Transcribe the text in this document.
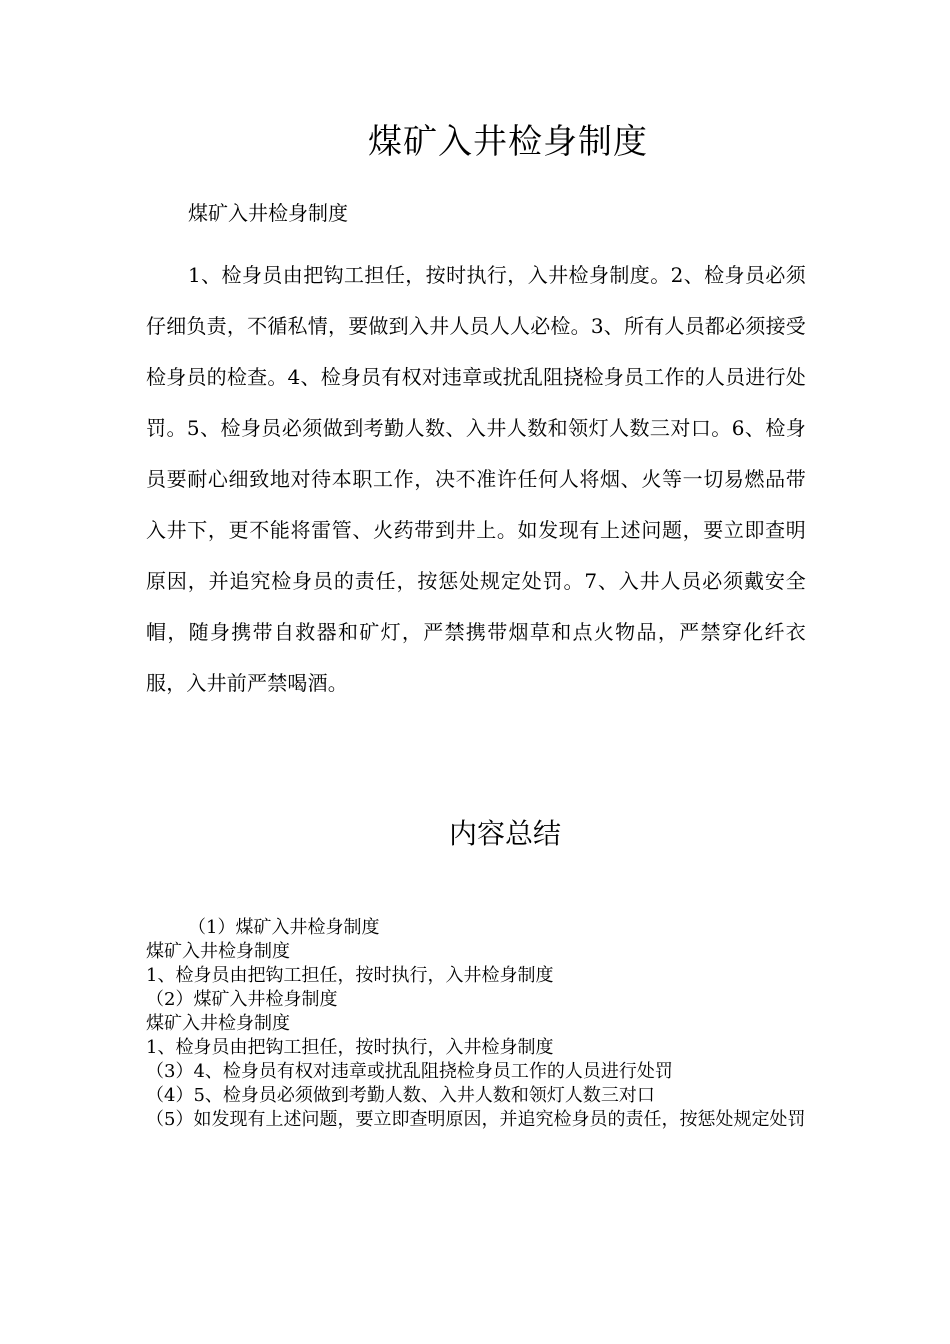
煤矿入井检身制度

煤矿入井检身制度

1、检身员由把钩工担任，按时执行，入井检身制度。2、检身员必须仔细负责，不循私情，要做到入井人员人人必检。3、所有人员都必须接受检身员的检查。4、检身员有权对违章或扰乱阻挠检身员工作的人员进行处罚。5、检身员必须做到考勤人数、入井人数和领灯人数三对口。6、检身员要耐心细致地对待本职工作，决不准许任何人将烟、火等一切易燃品带入井下，更不能将雷管、火药带到井上。如发现有上述问题，要立即查明原因，并追究检身员的责任，按惩处规定处罚。7、入井人员必须戴安全帽，随身携带自救器和矿灯，严禁携带烟草和点火物品，严禁穿化纤衣服，入井前严禁喝酒。

内容总结
（1）煤矿入井检身制度
煤矿入井检身制度
1、检身员由把钩工担任，按时执行，入井检身制度
（2）煤矿入井检身制度
煤矿入井检身制度
1、检身员由把钩工担任，按时执行，入井检身制度
（3）4、检身员有权对违章或扰乱阻挠检身员工作的人员进行处罚
（4）5、检身员必须做到考勤人数、入井人数和领灯人数三对口
（5）如发现有上述问题，要立即查明原因，并追究检身员的责任，按惩处规定处罚
